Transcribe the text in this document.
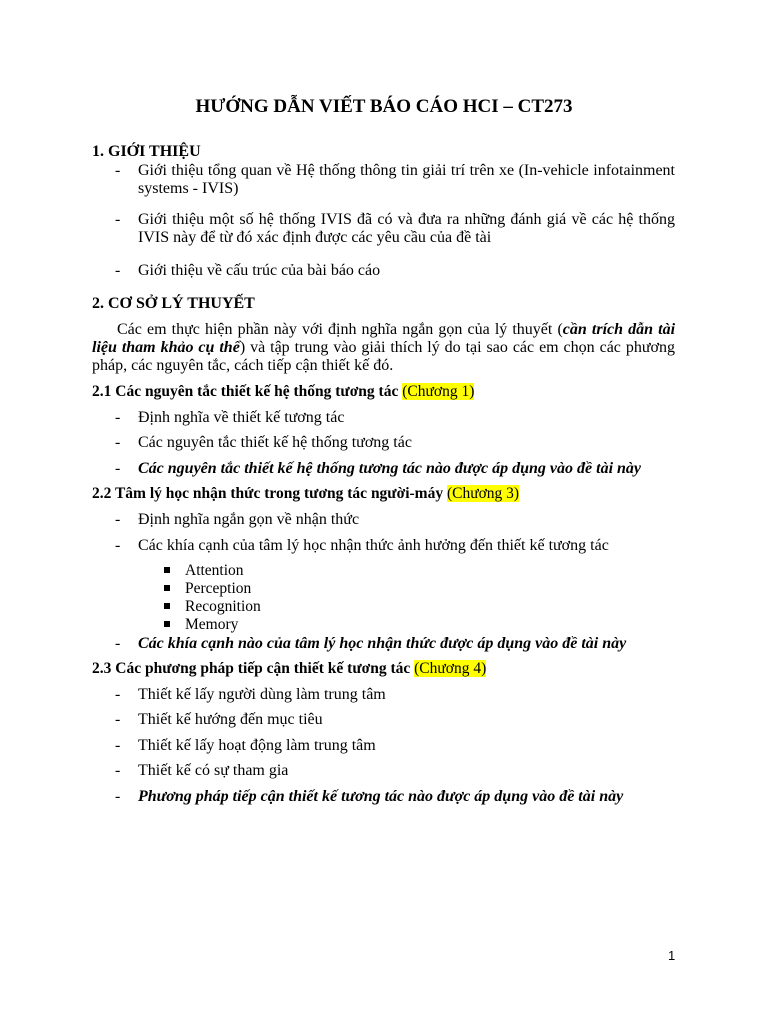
HƯỚNG DẪN VIẾT BÁO CÁO HCI – CT273
1. GIỚI THIỆU
- Giới thiệu tổng quan về Hệ thống thông tin giải trí trên xe (In-vehicle infotainment systems - IVIS)
- Giới thiệu một số hệ thống IVIS đã có và đưa ra những đánh giá về các hệ thống IVIS này để từ đó xác định được các yêu cầu của đề tài
- Giới thiệu về cấu trúc của bài báo cáo
2. CƠ SỞ LÝ THUYẾT
Các em thực hiện phần này với định nghĩa ngắn gọn của lý thuyết (cần trích dẫn tài liệu tham khảo cụ thể) và tập trung vào giải thích lý do tại sao các em chọn các phương pháp, các nguyên tắc, cách tiếp cận thiết kế đó.
2.1 Các nguyên tắc thiết kế hệ thống tương tác (Chương 1)
- Định nghĩa về thiết kế tương tác
- Các nguyên tắc thiết kế hệ thống tương tác
- Các nguyên tắc thiết kế hệ thống tương tác nào được áp dụng vào đề tài này
2.2 Tâm lý học nhận thức trong tương tác người-máy (Chương 3)
- Định nghĩa ngắn gọn về nhận thức
- Các khía cạnh của tâm lý học nhận thức ảnh hưởng đến thiết kế tương tác
Attention
Perception
Recognition
Memory
- Các khía cạnh nào của tâm lý học nhận thức được áp dụng vào đề tài này
2.3 Các phương pháp tiếp cận thiết kế tương tác (Chương 4)
- Thiết kế lấy người dùng làm trung tâm
- Thiết kế hướng đến mục tiêu
- Thiết kế lấy hoạt động làm trung tâm
- Thiết kế có sự tham gia
- Phương pháp tiếp cận thiết kế tương tác nào được áp dụng vào đề tài này
1
